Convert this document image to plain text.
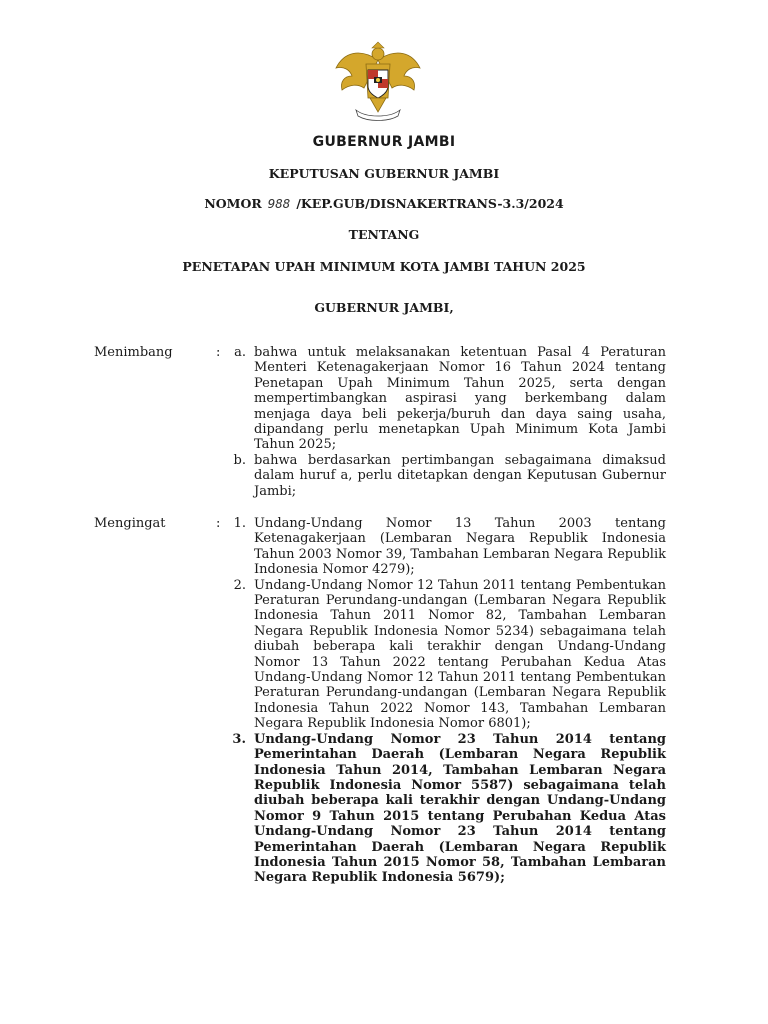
GUBERNUR JAMBI
KEPUTUSAN GUBERNUR JAMBI
NOMOR 988 /KEP.GUB/DISNAKERTRANS-3.3/2024
TENTANG
PENETAPAN UPAH MINIMUM KOTA JAMBI TAHUN 2025
GUBERNUR JAMBI,
Menimbang	:	a. bahwa untuk melaksanakan ketentuan Pasal 4 Peraturan Menteri Ketenagakerjaan Nomor 16 Tahun 2024 tentang Penetapan Upah Minimum Tahun 2025, serta dengan mempertimbangkan aspirasi yang berkembang dalam menjaga daya beli pekerja/buruh dan daya saing usaha, dipandang perlu menetapkan Upah Minimum Kota Jambi Tahun 2025;
b. bahwa berdasarkan pertimbangan sebagaimana dimaksud dalam huruf a, perlu ditetapkan dengan Keputusan Gubernur Jambi;
Mengingat	:	1. Undang-Undang Nomor 13 Tahun 2003 tentang Ketenagakerjaan (Lembaran Negara Republik Indonesia Tahun 2003 Nomor 39, Tambahan Lembaran Negara Republik Indonesia Nomor 4279);
2. Undang-Undang Nomor 12 Tahun 2011 tentang Pembentukan Peraturan Perundang-undangan (Lembaran Negara Republik Indonesia Tahun 2011 Nomor 82, Tambahan Lembaran Negara Republik Indonesia Nomor 5234) sebagaimana telah diubah beberapa kali terakhir dengan Undang-Undang Nomor 13 Tahun 2022 tentang Perubahan Kedua Atas Undang-Undang Nomor 12 Tahun 2011 tentang Pembentukan Peraturan Perundang-undangan (Lembaran Negara Republik Indonesia Tahun 2022 Nomor 143, Tambahan Lembaran Negara Republik Indonesia Nomor 6801);
3. Undang-Undang Nomor 23 Tahun 2014 tentang Pemerintahan Daerah (Lembaran Negara Republik Indonesia Tahun 2014, Tambahan Lembaran Negara Republik Indonesia Nomor 5587) sebagaimana telah diubah beberapa kali terakhir dengan Undang-Undang Nomor 9 Tahun 2015 tentang Perubahan Kedua Atas Undang-Undang Nomor 23 Tahun 2014 tentang Pemerintahan Daerah (Lembaran Negara Republik Indonesia Tahun 2015 Nomor 58, Tambahan Lembaran Negara Republik Indonesia 5679);
